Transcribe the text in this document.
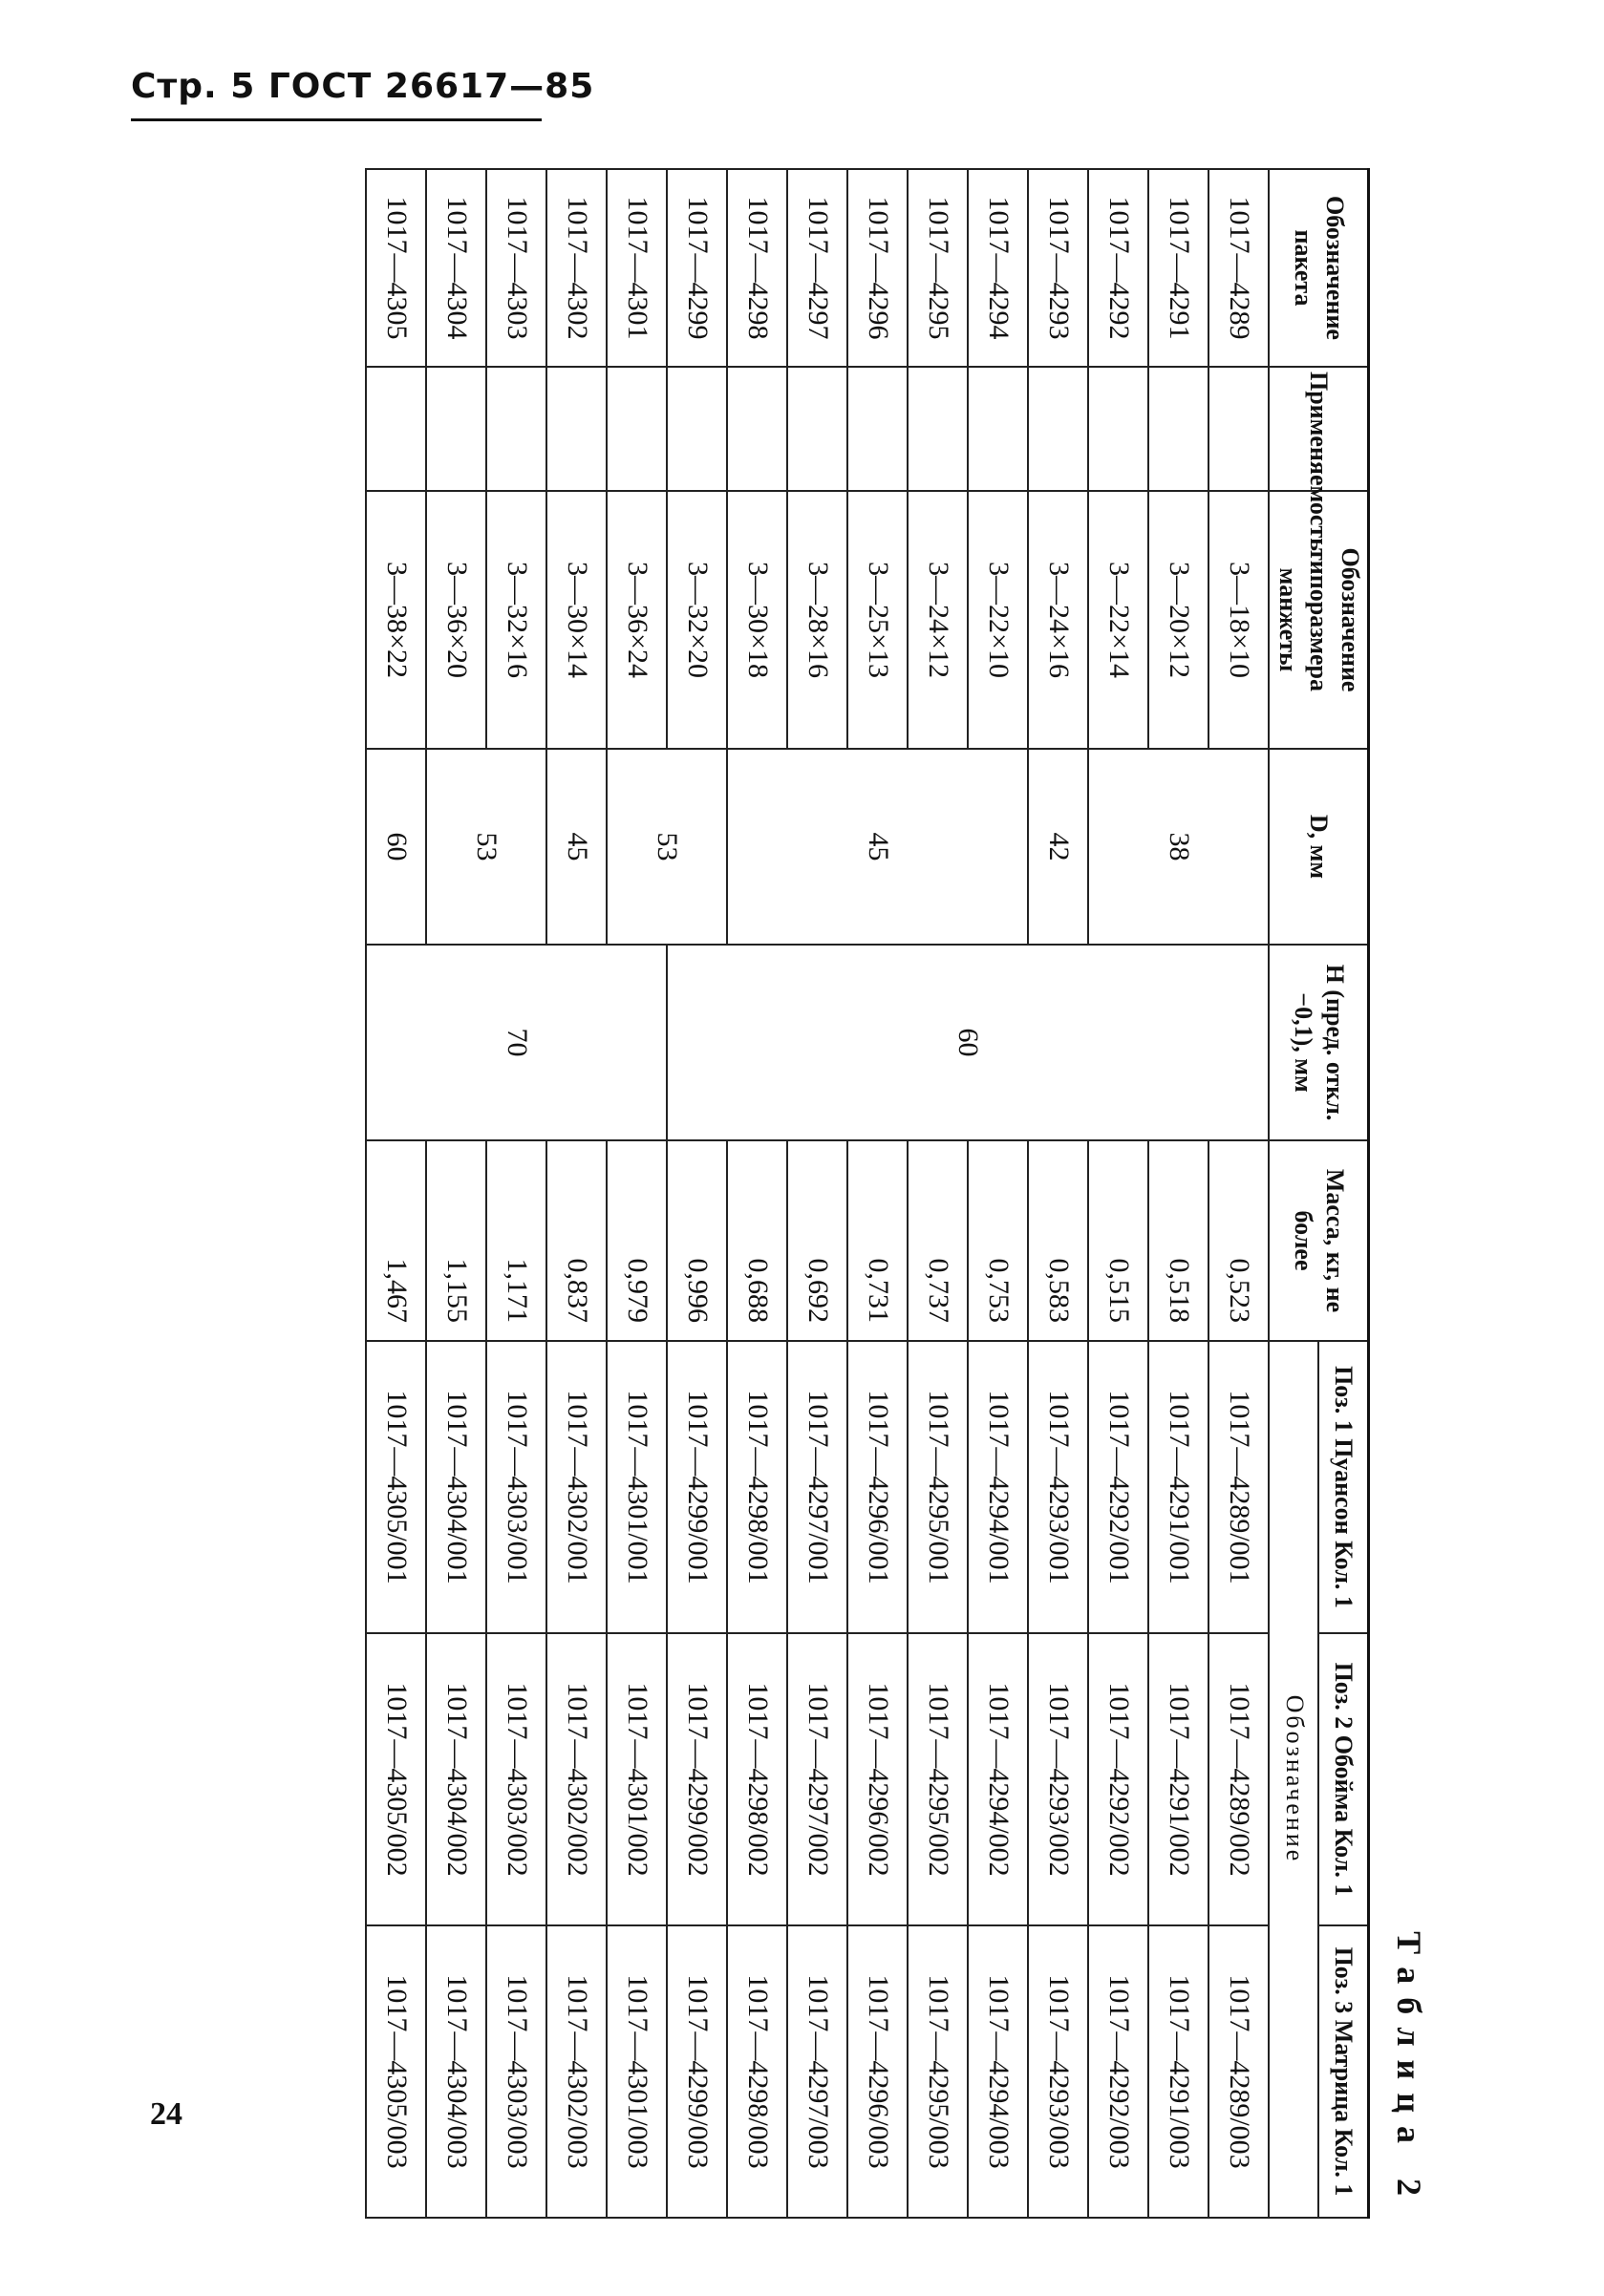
Стр. 5 ГОСТ 26617—85
24	Таблица 2
Обозначение пакета	Применяемость	Обозначение типоразмера манжеты	D, мм	H (пред. откл. −0,1), мм	Масса, кг, не более	Поз. 1 Пуансон Кол. 1	Поз. 2 Обойма Кол. 1	Поз. 3 Матрица Кол. 1
						Обозначение		
1017—4289		3—18×10	38	60	0,523	1017—4289/001	1017—4289/002	1017—4289/003
1017—4291		3—20×12			0,518	1017—4291/001	1017—4291/002	1017—4291/003
1017—4292		3—22×14			0,515	1017—4292/001	1017—4292/002	1017—4292/003
1017—4293		3—24×16	42		0,583	1017—4293/001	1017—4293/002	1017—4293/003
1017—4294		3—22×10	45		0,753	1017—4294/001	1017—4294/002	1017—4294/003
1017—4295		3—24×12			0,737	1017—4295/001	1017—4295/002	1017—4295/003
1017—4296		3—25×13			0,731	1017—4296/001	1017—4296/002	1017—4296/003
1017—4297		3—28×16			0,692	1017—4297/001	1017—4297/002	1017—4297/003
1017—4298		3—30×18			0,688	1017—4298/001	1017—4298/002	1017—4298/003
1017—4299		3—32×20	53		0,996	1017—4299/001	1017—4299/002	1017—4299/003
1017—4301		3—36×24		70	0,979	1017—4301/001	1017—4301/002	1017—4301/003
1017—4302		3—30×14	45		0,837	1017—4302/001	1017—4302/002	1017—4302/003
1017—4303		3—32×16	53		1,171	1017—4303/001	1017—4303/002	1017—4303/003
1017—4304		3—36×20			1,155	1017—4304/001	1017—4304/002	1017—4304/003
1017—4305		3—38×22	60		1,467	1017—4305/001	1017—4305/002	1017—4305/003
